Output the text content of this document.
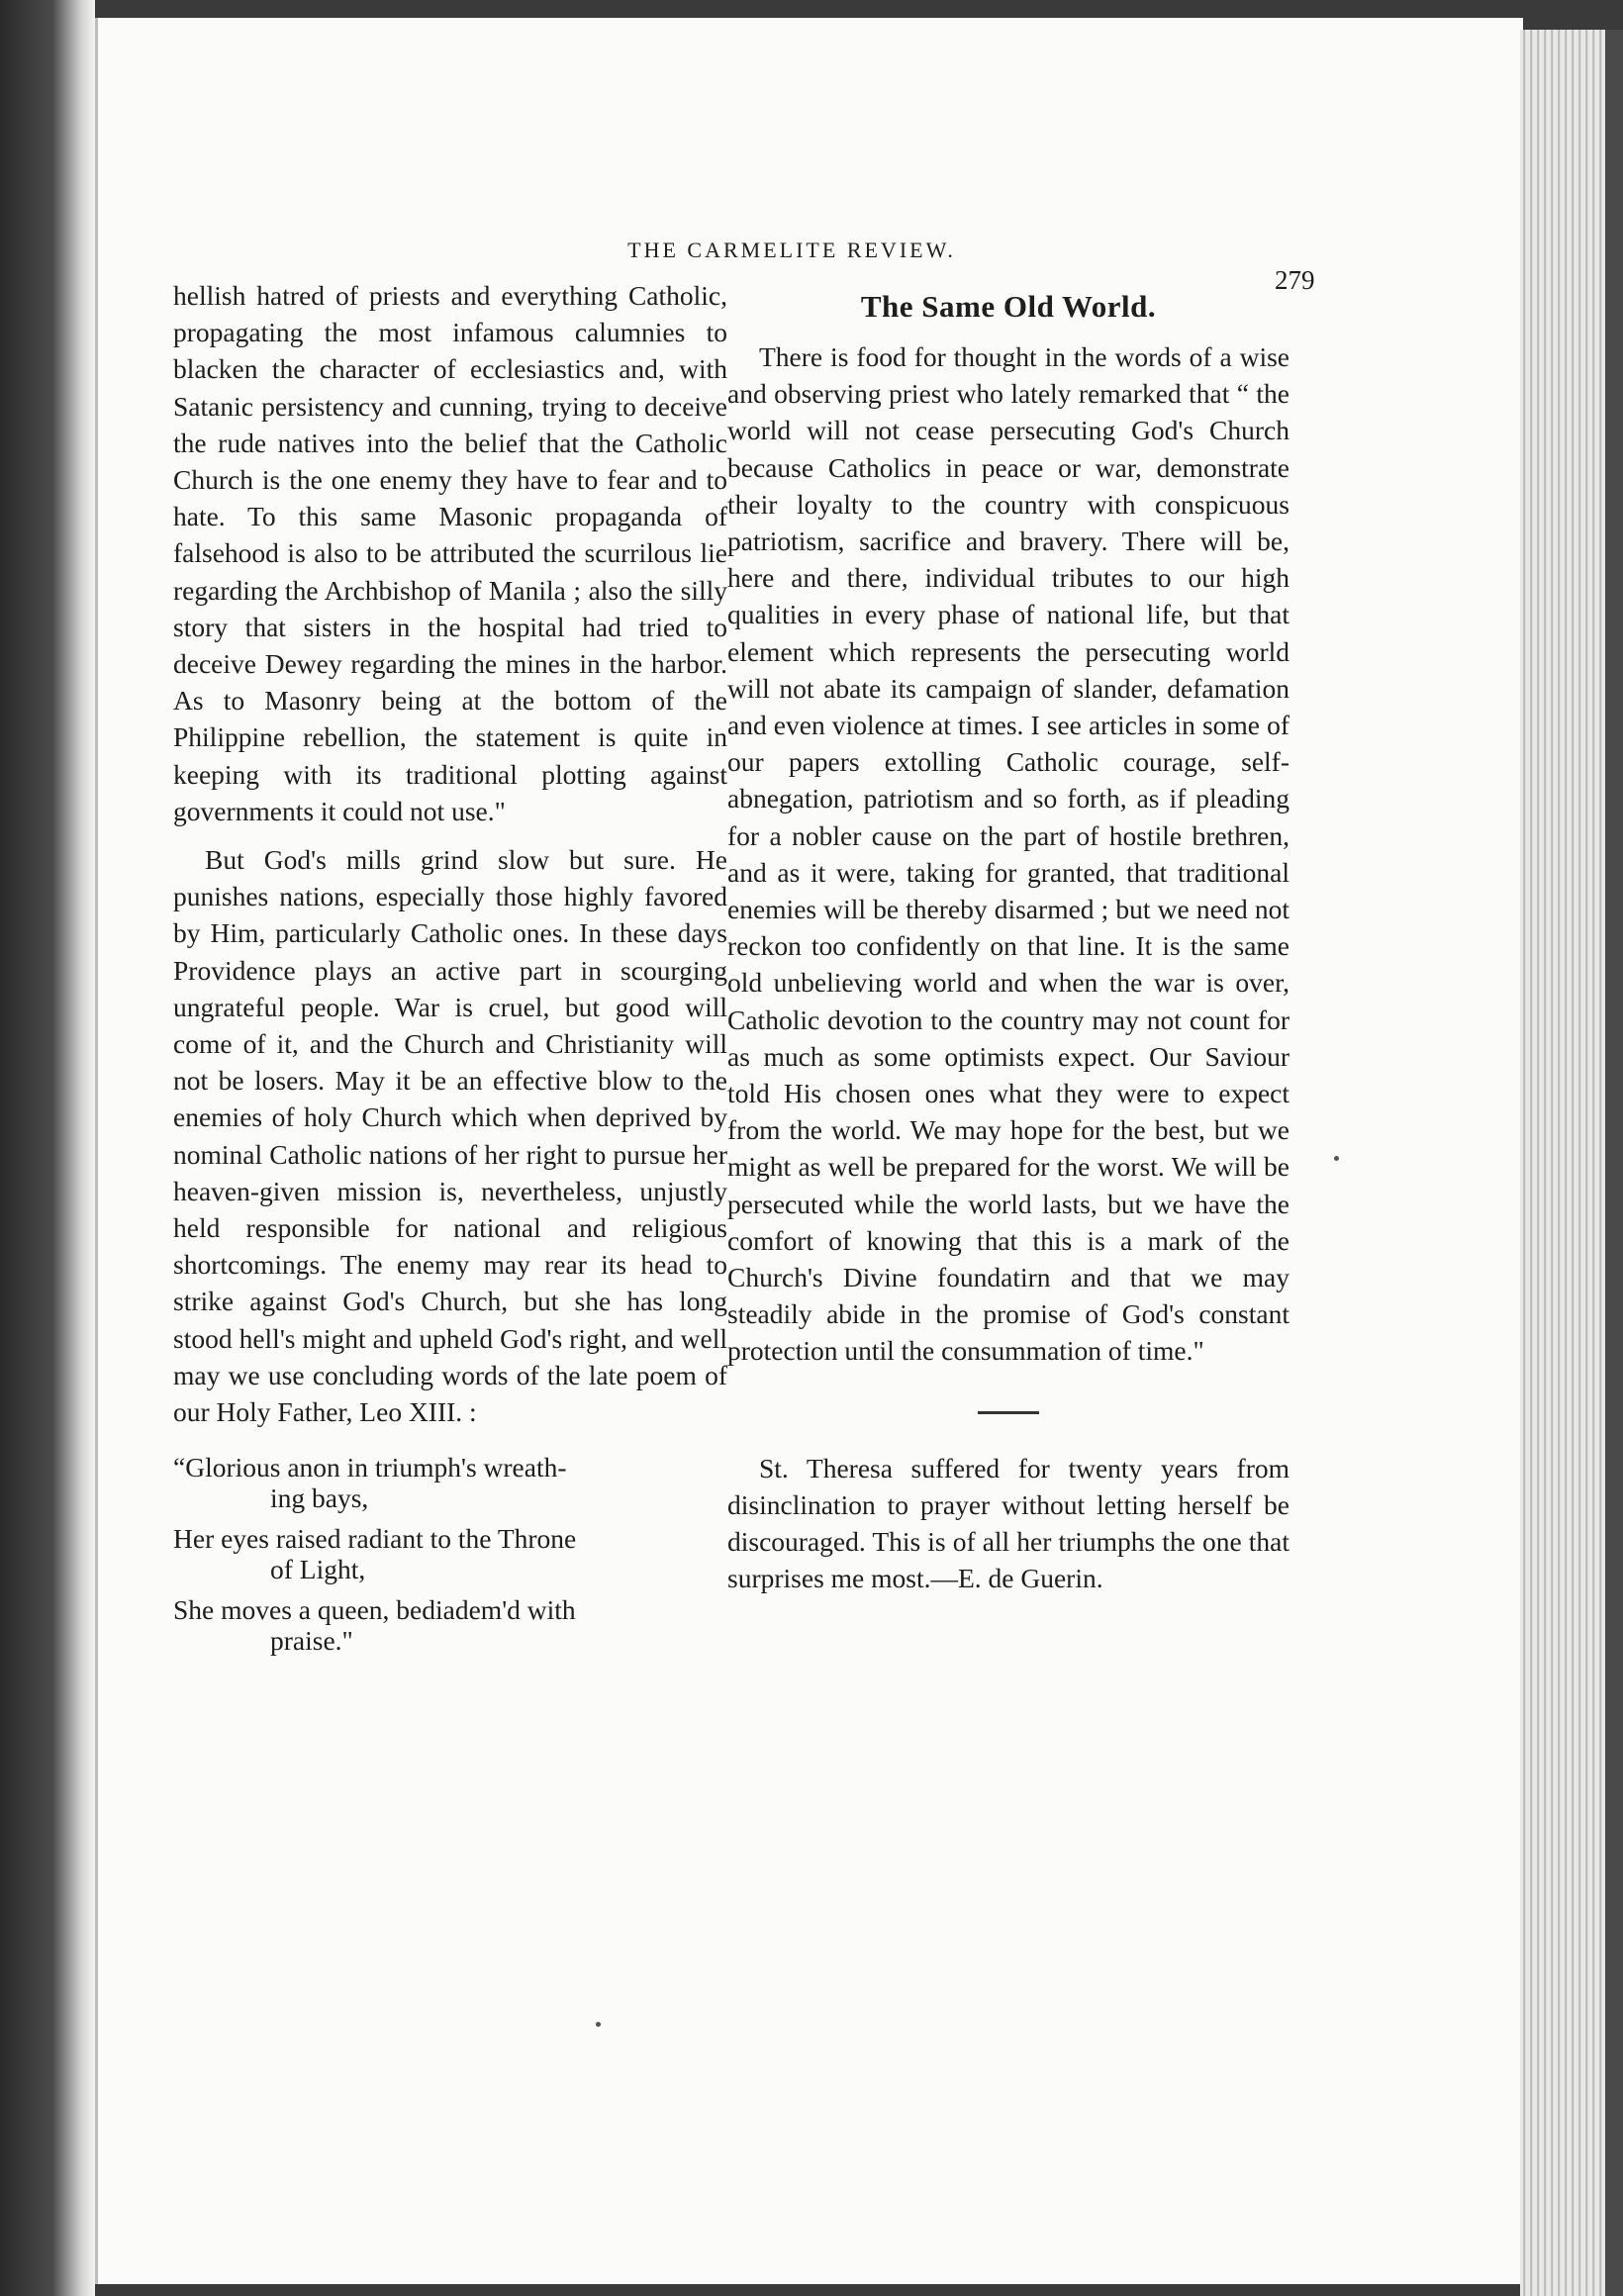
THE CARMELITE REVIEW.
279

hellish hatred of priests and everything Catholic, propagating the most infamous calumnies to blacken the character of ecclesiastics and, with Satanic persistency and cunning, trying to deceive the rude natives into the belief that the Catholic Church is the one enemy they have to fear and to hate. To this same Masonic propaganda of falsehood is also to be attributed the scurrilous lie regarding the Archbishop of Manila ; also the silly story that sisters in the hospital had tried to deceive Dewey regarding the mines in the harbor. As to Masonry being at the bottom of the Philippine rebellion, the statement is quite in keeping with its traditional plotting against governments it could not use."

But God's mills grind slow but sure. He punishes nations, especially those highly favored by Him, particularly Catholic ones. In these days Providence plays an active part in scourging ungrateful people. War is cruel, but good will come of it, and the Church and Christianity will not be losers. May it be an effective blow to the enemies of holy Church which when deprived by nominal Catholic nations of her right to pursue her heaven-given mission is, nevertheless, unjustly held responsible for national and religious shortcomings. The enemy may rear its head to strike against God's Church, but she has long stood hell's might and upheld God's right, and well may we use concluding words of the late poem of our Holy Father, Leo XIII. :

“Glorious anon in triumph's wreath-
ing bays,
Her eyes raised radiant to the Throne
of Light,
She moves a queen, bediadem'd with
praise."
The Same Old World.

There is food for thought in the words of a wise and observing priest who lately remarked that “ the world will not cease persecuting God's Church because Catholics in peace or war, demonstrate their loyalty to the country with conspicuous patriotism, sacrifice and bravery. There will be, here and there, individual tributes to our high qualities in every phase of national life, but that element which represents the persecuting world will not abate its campaign of slander, defamation and even violence at times. I see articles in some of our papers extolling Catholic courage, self-abnegation, patriotism and so forth, as if pleading for a nobler cause on the part of hostile brethren, and as it were, taking for granted, that traditional enemies will be thereby disarmed ; but we need not reckon too confidently on that line. It is the same old unbelieving world and when the war is over, Catholic devotion to the country may not count for as much as some optimists expect. Our Saviour told His chosen ones what they were to expect from the world. We may hope for the best, but we might as well be prepared for the worst. We will be persecuted while the world lasts, but we have the comfort of knowing that this is a mark of the Church's Divine foundatirn and that we may steadily abide in the promise of God's constant protection until the consummation of time."

St. Theresa suffered for twenty years from disinclination to prayer without letting herself be discouraged. This is of all her triumphs the one that surprises me most.—E. de Guerin.
